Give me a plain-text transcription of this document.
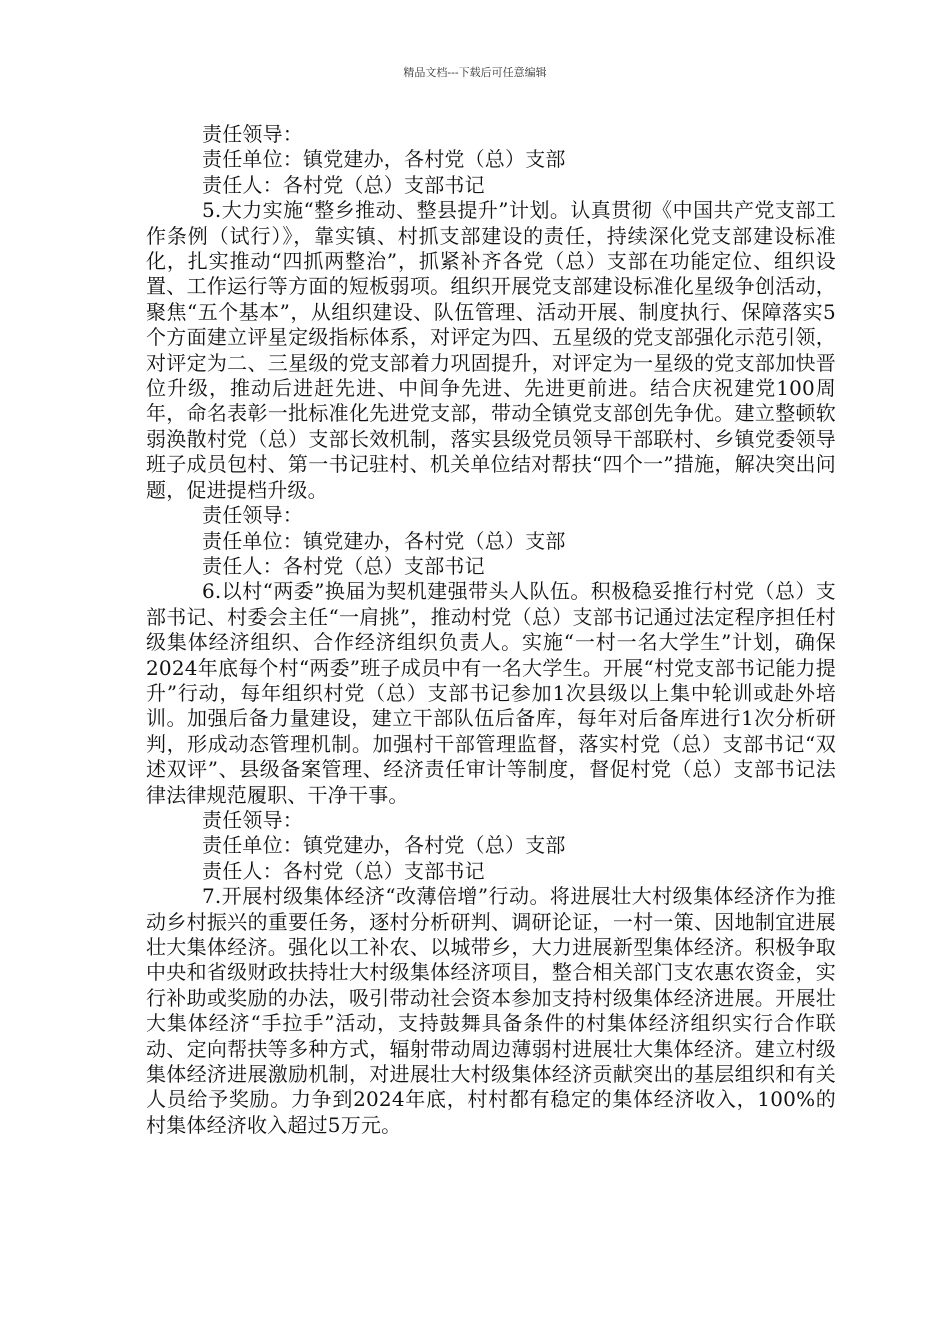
精品文档---下载后可任意编辑

责任领导：

责任单位：镇党建办，各村党（总）支部

责任人：各村党（总）支部书记

5.大力实施“整乡推动、整县提升”计划。认真贯彻《中国共产党支部工作条例（试行）》，靠实镇、村抓支部建设的责任，持续深化党支部建设标准化，扎实推动“四抓两整治”，抓紧补齐各党（总）支部在功能定位、组织设置、工作运行等方面的短板弱项。组织开展党支部建设标准化星级争创活动，聚焦“五个基本”，从组织建设、队伍管理、活动开展、制度执行、保障落实5个方面建立评星定级指标体系，对评定为四、五星级的党支部强化示范引领，对评定为二、三星级的党支部着力巩固提升，对评定为一星级的党支部加快晋位升级，推动后进赶先进、中间争先进、先进更前进。结合庆祝建党100周年，命名表彰一批标准化先进党支部，带动全镇党支部创先争优。建立整顿软弱涣散村党（总）支部长效机制，落实县级党员领导干部联村、乡镇党委领导班子成员包村、第一书记驻村、机关单位结对帮扶“四个一”措施，解决突出问题，促进提档升级。

责任领导：

责任单位：镇党建办，各村党（总）支部

责任人：各村党（总）支部书记

6.以村“两委”换届为契机建强带头人队伍。积极稳妥推行村党（总）支部书记、村委会主任“一肩挑”，推动村党（总）支部书记通过法定程序担任村级集体经济组织、合作经济组织负责人。实施“一村一名大学生”计划，确保2024年底每个村“两委”班子成员中有一名大学生。开展“村党支部书记能力提升”行动，每年组织村党（总）支部书记参加1次县级以上集中轮训或赴外培训。加强后备力量建设，建立干部队伍后备库，每年对后备库进行1次分析研判，形成动态管理机制。加强村干部管理监督，落实村党（总）支部书记“双述双评”、县级备案管理、经济责任审计等制度，督促村党（总）支部书记法律法律规范履职、干净干事。

责任领导：

责任单位：镇党建办，各村党（总）支部

责任人：各村党（总）支部书记

7.开展村级集体经济“改薄倍增”行动。将进展壮大村级集体经济作为推动乡村振兴的重要任务，逐村分析研判、调研论证，一村一策、因地制宜进展壮大集体经济。强化以工补农、以城带乡，大力进展新型集体经济。积极争取中央和省级财政扶持壮大村级集体经济项目，整合相关部门支农惠农资金，实行补助或奖励的办法，吸引带动社会资本参加支持村级集体经济进展。开展壮大集体经济“手拉手”活动，支持鼓舞具备条件的村集体经济组织实行合作联动、定向帮扶等多种方式，辐射带动周边薄弱村进展壮大集体经济。建立村级集体经济进展激励机制，对进展壮大村级集体经济贡献突出的基层组织和有关人员给予奖励。力争到2024年底，村村都有稳定的集体经济收入，100%的村集体经济收入超过5万元。
